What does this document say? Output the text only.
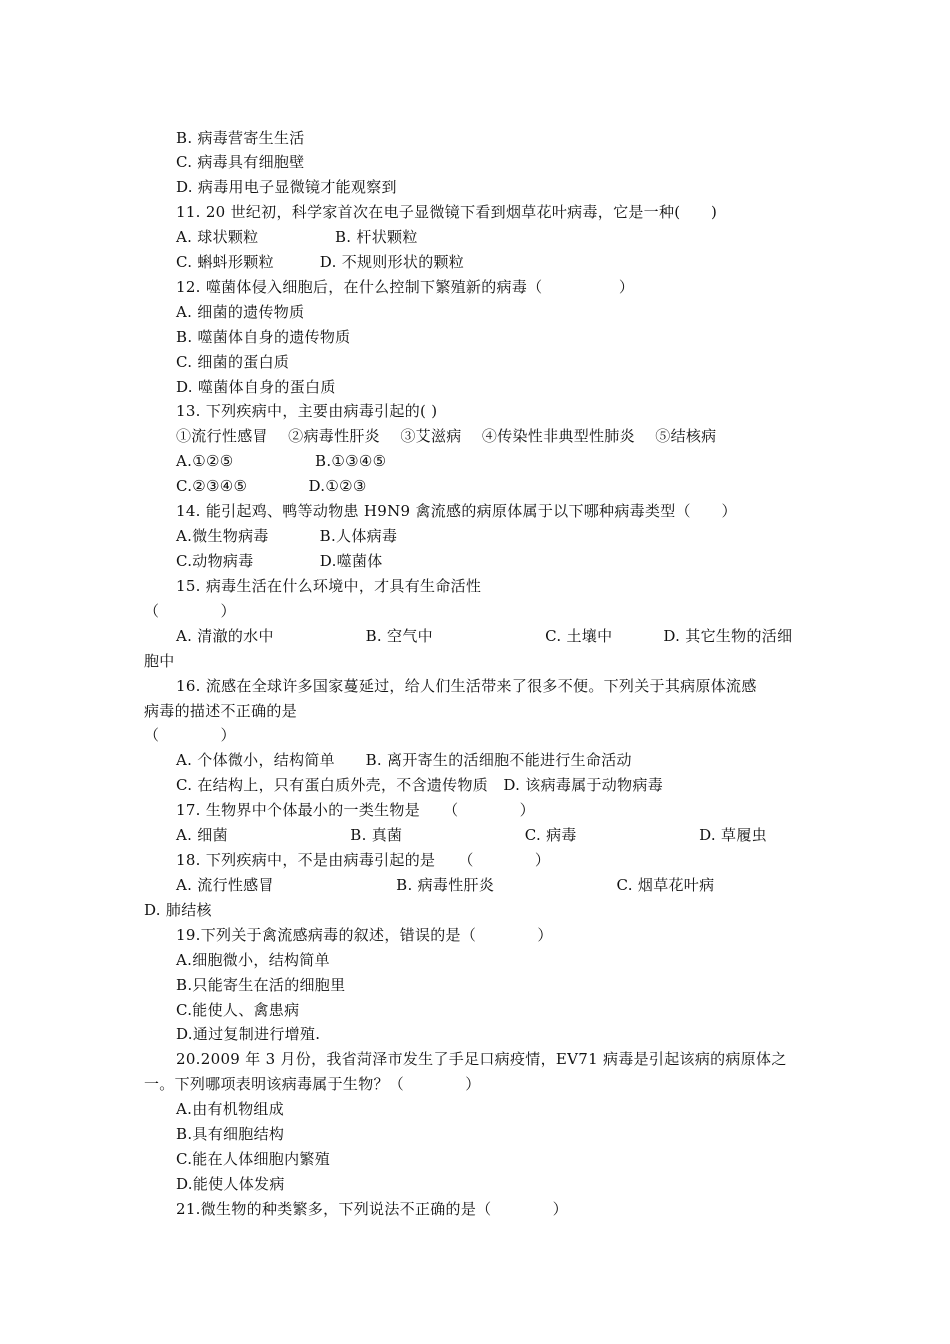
B. 病毒营寄生生活
C. 病毒具有细胞壁
D. 病毒用电子显微镜才能观察到
11. 20 世纪初，科学家首次在电子显微镜下看到烟草花叶病毒，它是一种(　　)
A. 球状颗粒　　　　　B. 杆状颗粒
C. 蝌蚪形颗粒　　　D. 不规则形状的颗粒
12. 噬菌体侵入细胞后，在什么控制下繁殖新的病毒（　　　　　）
A. 细菌的遗传物质
B. 噬菌体自身的遗传物质
C. 细菌的蛋白质
D. 噬菌体自身的蛋白质
13. 下列疾病中，主要由病毒引起的( )
①流行性感冒　 ②病毒性肝炎　 ③艾滋病　 ④传染性非典型性肺炎　 ⑤结核病
A.①②⑤　　　　　 B.①③④⑤
C.②③④⑤　　　　D.①②③
14. 能引起鸡、鸭等动物患 H9N9 禽流感的病原体属于以下哪种病毒类型（　　）
A.微生物病毒　　　 B.人体病毒
C.动物病毒　　　　 D.噬菌体
15. 病毒生活在什么环境中，才具有生命活性
（　　　　）
A. 清澈的水中　　　　　　B. 空气中　　　　　　　 C. 土壤中　　　 D. 其它生物的活细
胞中
16. 流感在全球许多国家蔓延过，给人们生活带来了很多不便。下列关于其病原体流感
病毒的描述不正确的是
（　　　　）
A. 个体微小，结构简单　　B. 离开寄生的活细胞不能进行生命活动
C. 在结构上，只有蛋白质外壳，不含遗传物质　D. 该病毒属于动物病毒
17. 生物界中个体最小的一类生物是　　（　　　　）
A. 细菌　　　　　　　　B. 真菌　　　　　　　　C. 病毒　　　　　　　　D. 草履虫
18. 下列疾病中，不是由病毒引起的是　　（　　　　）
A. 流行性感冒　　　　　　　　B. 病毒性肝炎　　　　　　　　C. 烟草花叶病
D. 肺结核
19.下列关于禽流感病毒的叙述，错误的是（　　　　）
A.细胞微小，结构简单
B.只能寄生在活的细胞里
C.能使人、禽患病
D.通过复制进行增殖.
20.2009 年 3 月份，我省菏泽市发生了手足口病疫情，EV71 病毒是引起该病的病原体之
一。下列哪项表明该病毒属于生物？（　　　　）
A.由有机物组成
B.具有细胞结构
C.能在人体细胞内繁殖
D.能使人体发病
21.微生物的种类繁多，下列说法不正确的是（　　　　）
